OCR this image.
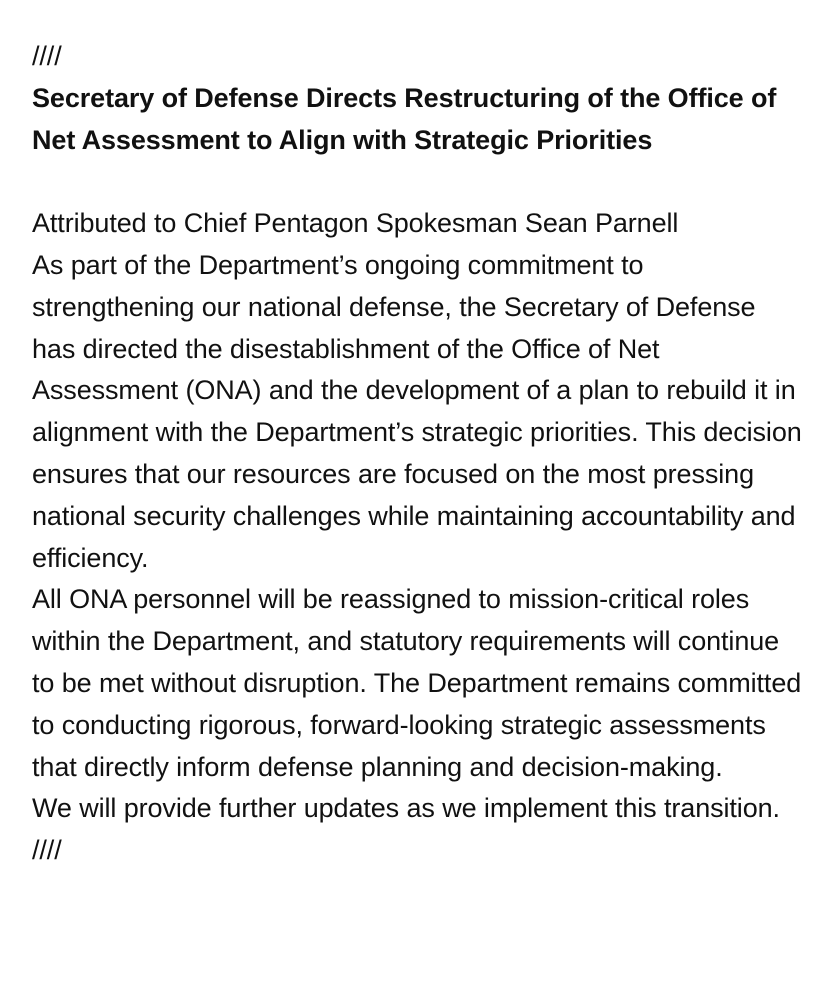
////

Secretary of Defense Directs Restructuring of the Office of Net Assessment to Align with Strategic Priorities

Attributed to Chief Pentagon Spokesman Sean Parnell

As part of the Department’s ongoing commitment to strengthening our national defense, the Secretary of Defense has directed the disestablishment of the Office of Net Assessment (ONA) and the development of a plan to rebuild it in alignment with the Department’s strategic priorities. This decision ensures that our resources are focused on the most pressing national security challenges while maintaining accountability and efficiency.

All ONA personnel will be reassigned to mission-critical roles within the Department, and statutory requirements will continue to be met without disruption. The Department remains committed to conducting rigorous, forward-looking strategic assessments that directly inform defense planning and decision-making.

We will provide further updates as we implement this transition.

////
